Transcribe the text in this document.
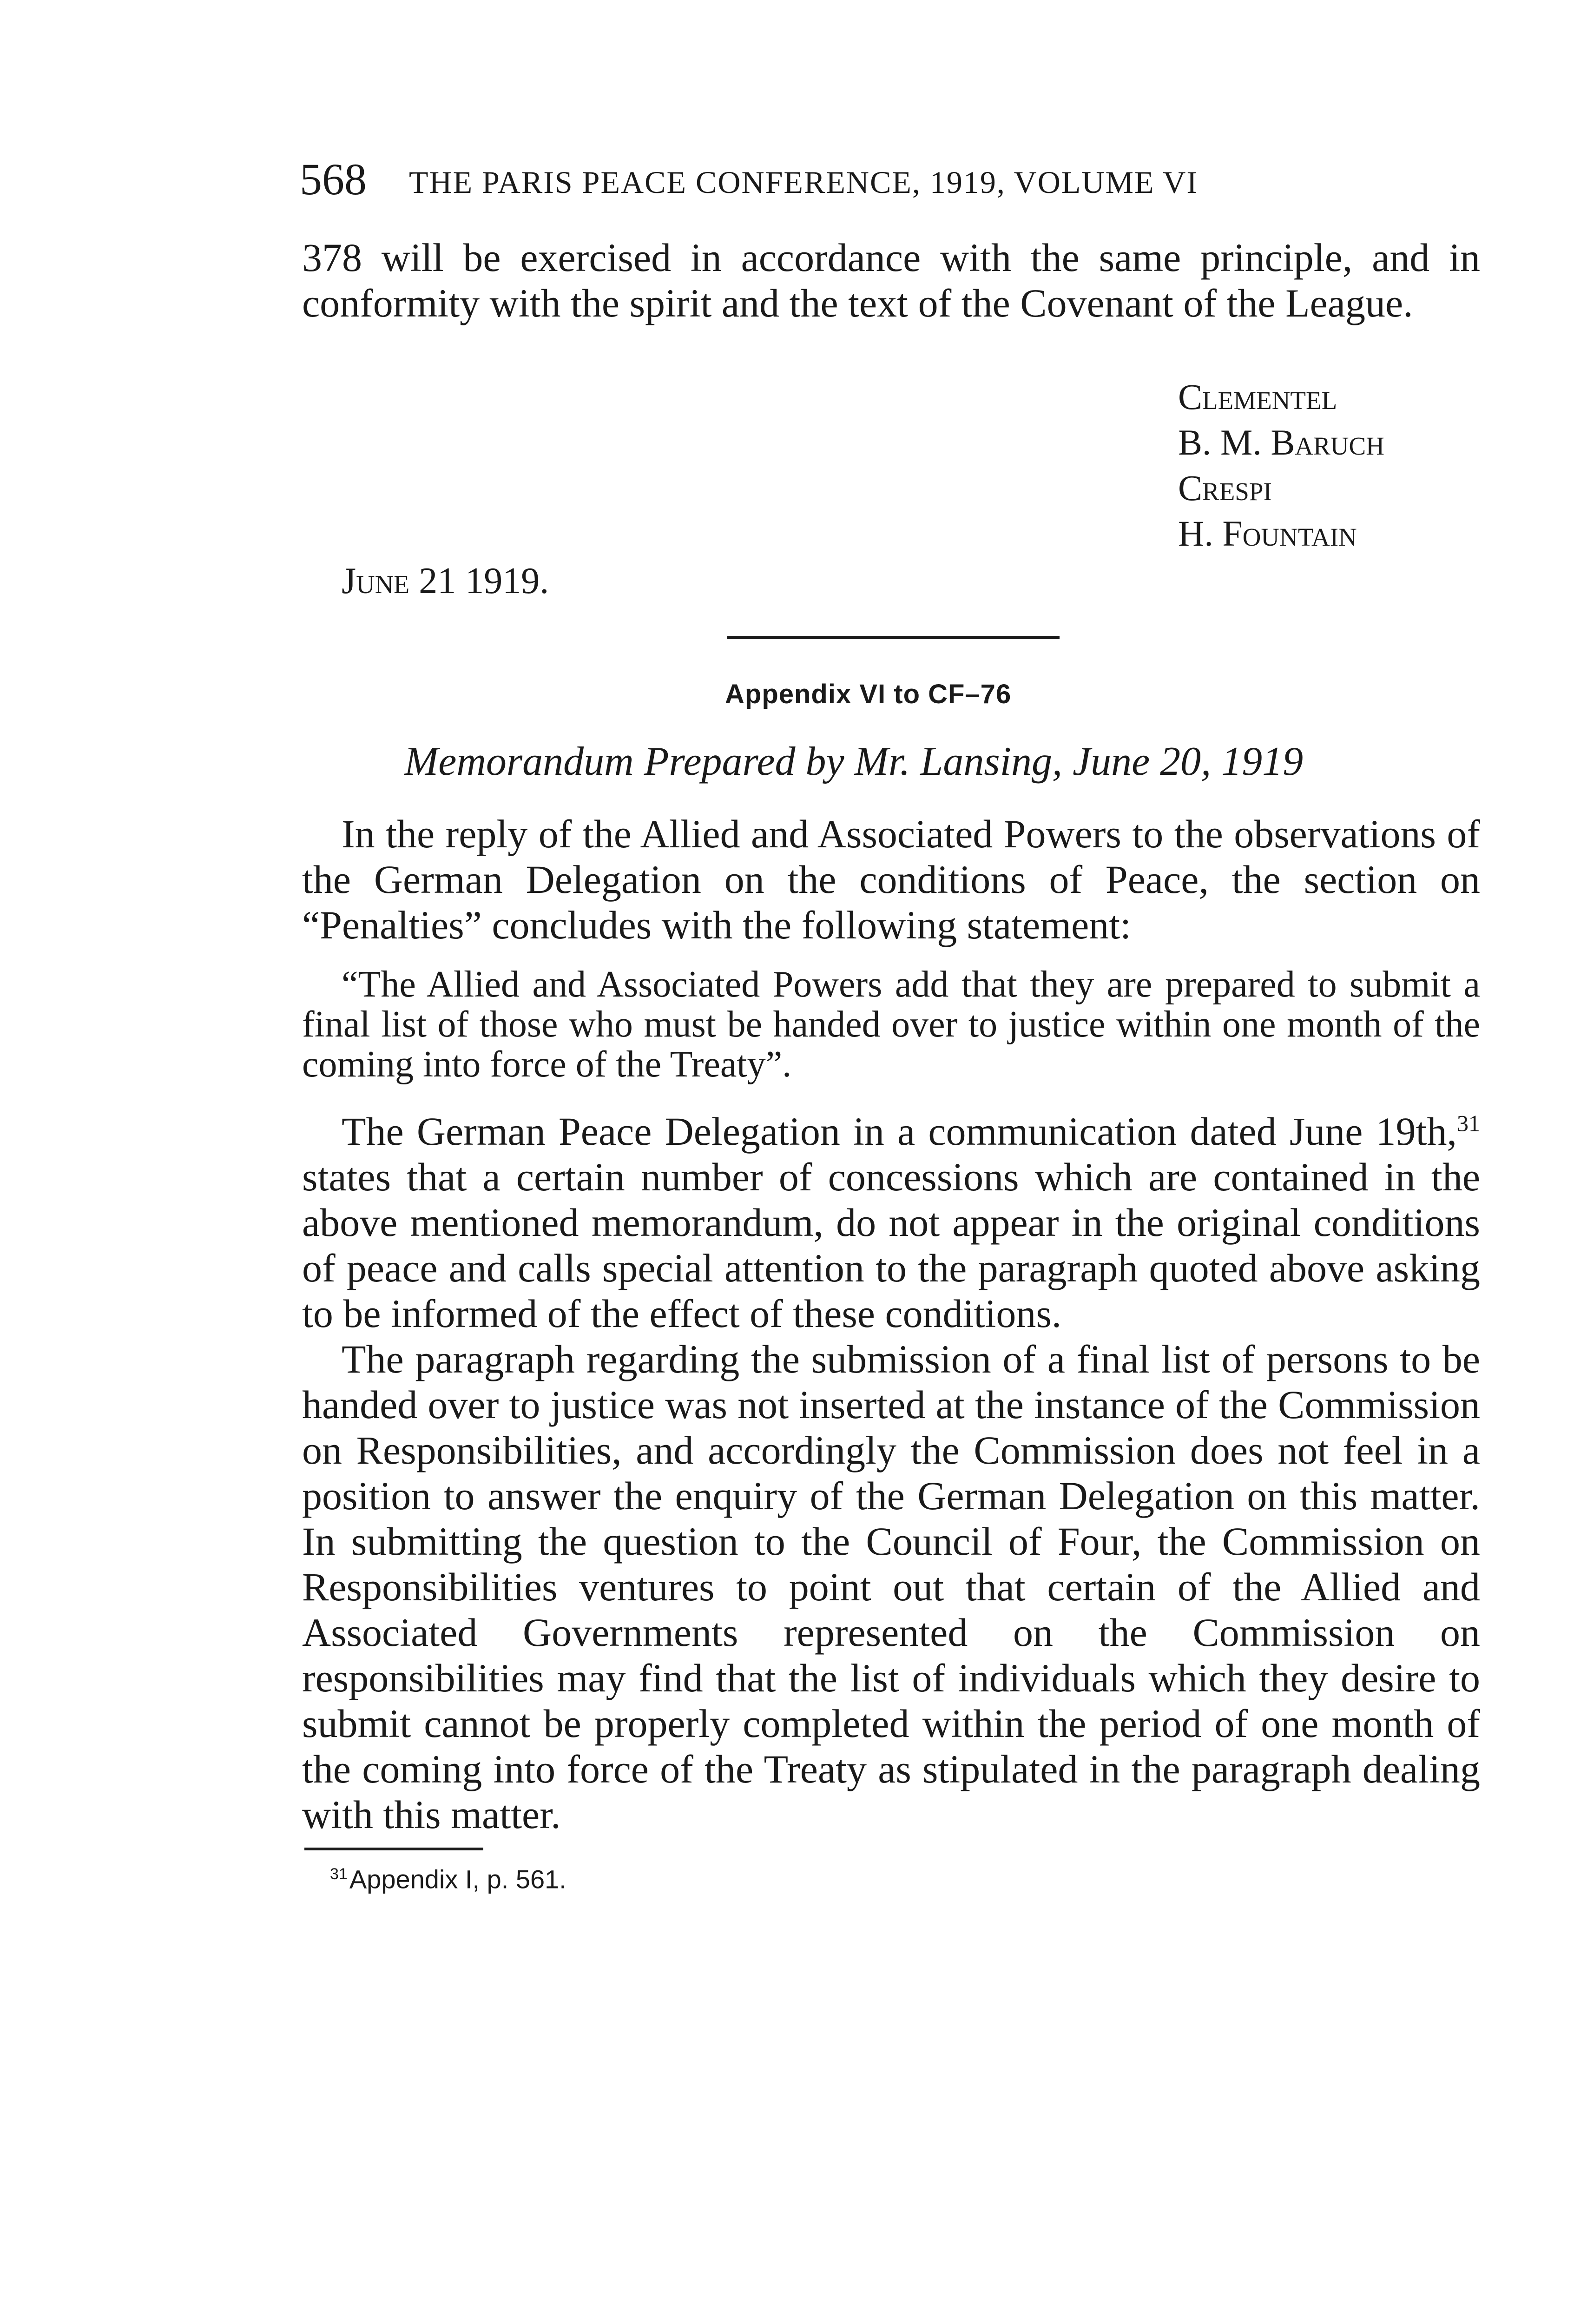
568 THE PARIS PEACE CONFERENCE, 1919, VOLUME VI
378 will be exercised in accordance with the same principle, and in conformity with the spirit and the text of the Covenant of the League.
Clementel
B. M. Baruch
Crespi
H. Fountain
June 21 1919.
Appendix VI to CF–76
Memorandum Prepared by Mr. Lansing, June 20, 1919
In the reply of the Allied and Associated Powers to the observations of the German Delegation on the conditions of Peace, the section on “Penalties” concludes with the following statement:
“The Allied and Associated Powers add that they are prepared to submit a final list of those who must be handed over to justice within one month of the coming into force of the Treaty”.
The German Peace Delegation in a communication dated June 19th,$^{31}$ states that a certain number of concessions which are contained in the above mentioned memorandum, do not appear in the original conditions of peace and calls special attention to the paragraph quoted above asking to be informed of the effect of these conditions.
The paragraph regarding the submission of a final list of persons to be handed over to justice was not inserted at the instance of the Commission on Responsibilities, and accordingly the Commission does not feel in a position to answer the enquiry of the German Delegation on this matter. In submitting the question to the Council of Four, the Commission on Responsibilities ventures to point out that certain of the Allied and Associated Governments represented on the Commission on responsibilities may find that the list of individuals which they desire to submit cannot be properly completed within the period of one month of the coming into force of the Treaty as stipulated in the paragraph dealing with this matter.
$^{31}$Appendix I, p. 561.
